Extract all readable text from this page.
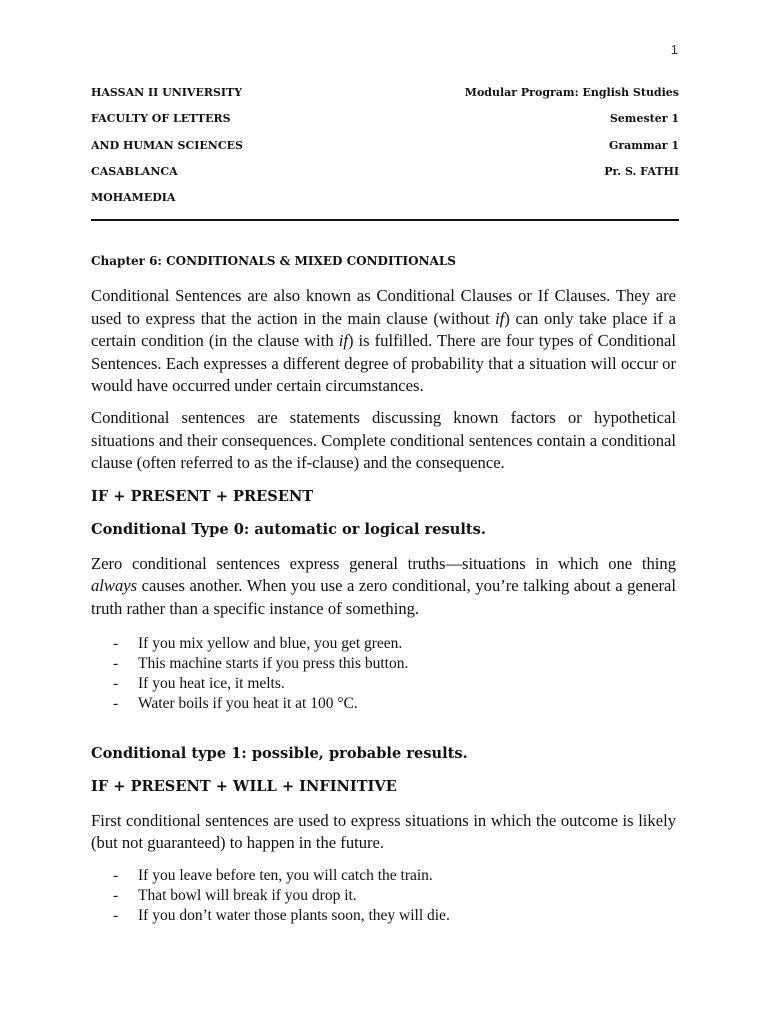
1
HASSAN II UNIVERSITY	Modular Program: English Studies
FACULTY OF LETTERS	Semester 1
AND HUMAN SCIENCES	Grammar 1
CASABLANCA	Pr. S. FATHI
MOHAMEDIA
Chapter 6: CONDITIONALS & MIXED CONDITIONALS

Conditional Sentences are also known as Conditional Clauses or If Clauses. They are used to express that the action in the main clause (without if) can only take place if a certain condition (in the clause with if) is fulfilled. There are four types of Conditional Sentences. Each expresses a different degree of probability that a situation will occur or would have occurred under certain circumstances.

Conditional sentences are statements discussing known factors or hypothetical situations and their consequences. Complete conditional sentences contain a conditional clause (often referred to as the if-clause) and the consequence.

IF + PRESENT + PRESENT
Conditional Type 0: automatic or logical results.

Zero conditional sentences express general truths—situations in which one thing always causes another. When you use a zero conditional, you’re talking about a general truth rather than a specific instance of something.

- If you mix yellow and blue, you get green.
- This machine starts if you press this button.
- If you heat ice, it melts.
- Water boils if you heat it at 100 °C.
Conditional type 1: possible, probable results.
IF + PRESENT + WILL + INFINITIVE

First conditional sentences are used to express situations in which the outcome is likely (but not guaranteed) to happen in the future.

- If you leave before ten, you will catch the train.
- That bowl will break if you drop it.
- If you don’t water those plants soon, they will die.
